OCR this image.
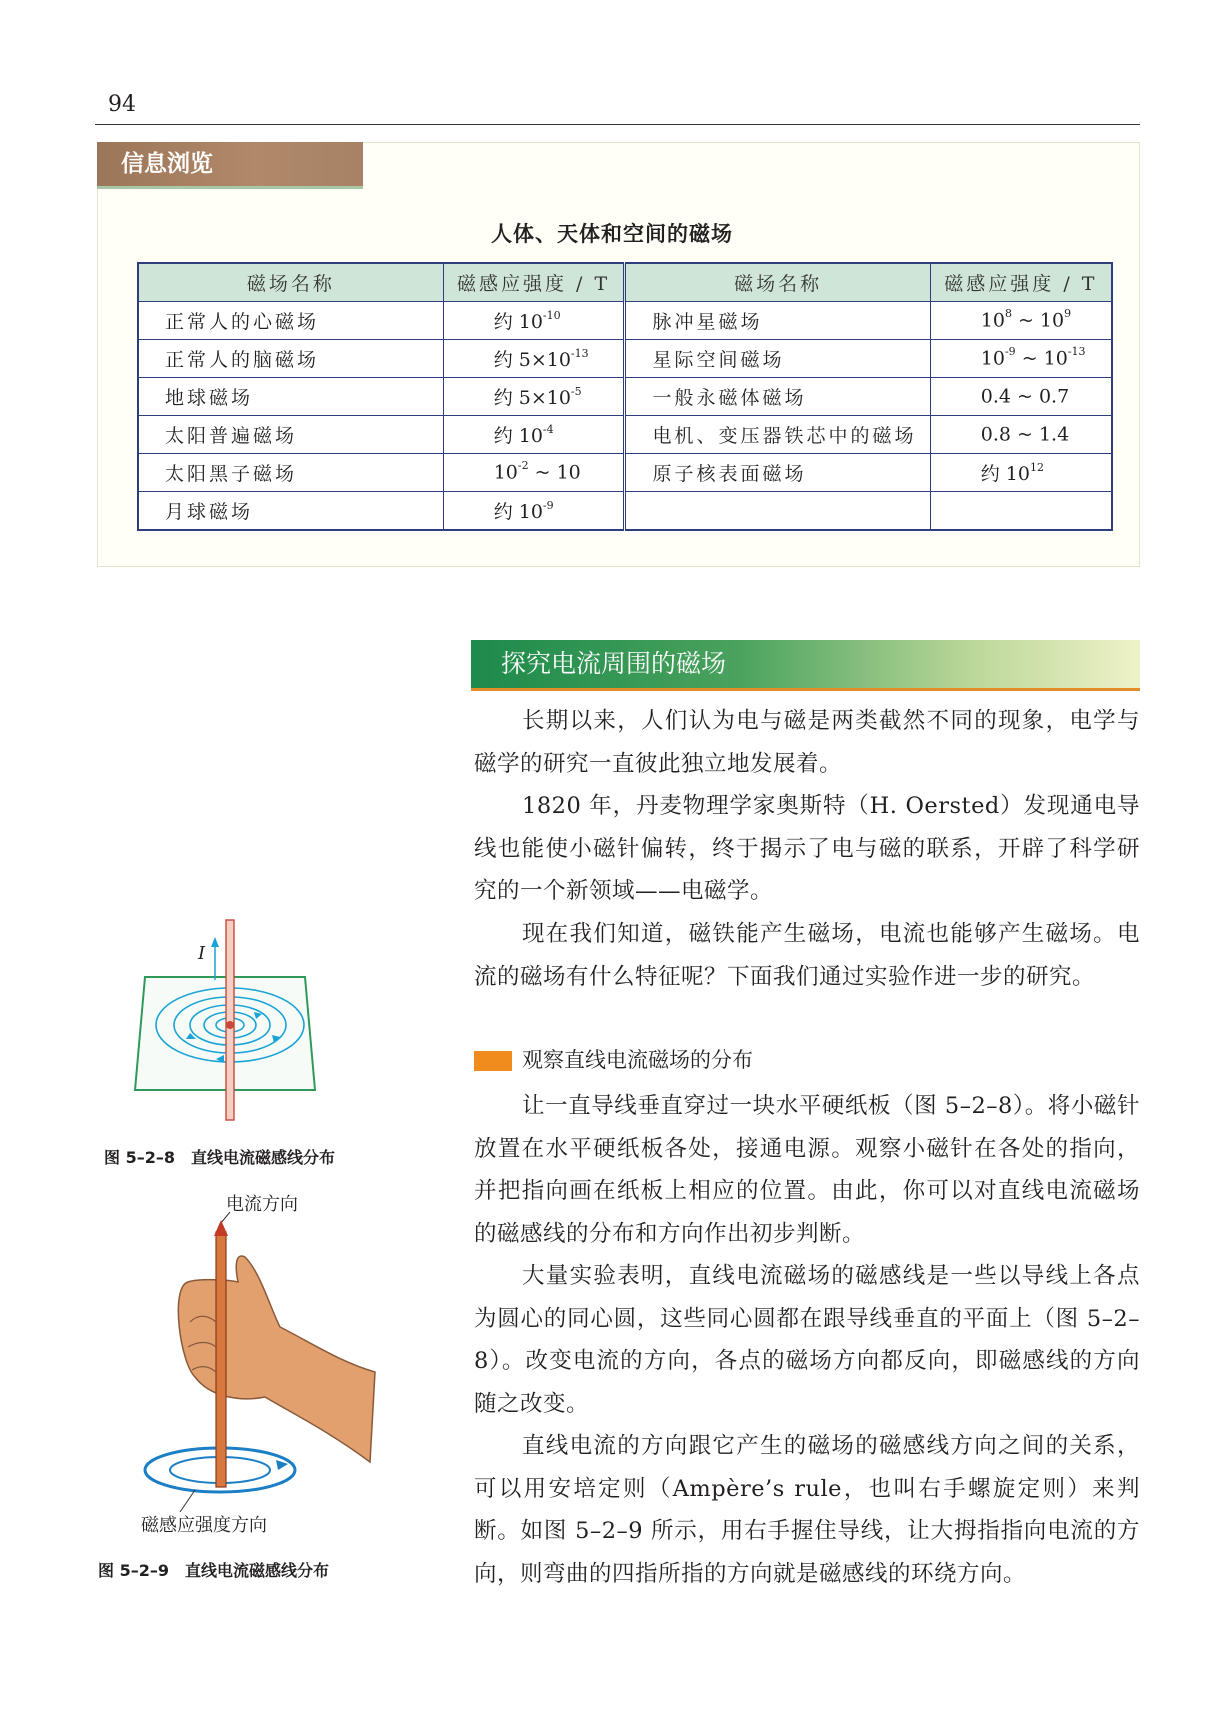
94
信息浏览
人体、天体和空间的磁场
磁场名称	磁感应强度 / T	磁场名称	磁感应强度 / T
正常人的心磁场	约 $10^{-10}$	脉冲星磁场	$10^8$ ~ $10^9$
正常人的脑磁场	约 $5\times 10^{-13}$	星际空间磁场	$10^{-9}$ ~ $10^{-13}$
地球磁场	约 $5\times 10^{-5}$	一般永磁体磁场	0.4 ~ 0.7
太阳普遍磁场	约 $10^{-4}$	电机、变压器铁芯中的磁场	0.8 ~ 1.4
太阳黑子磁场	$10^{-2}$ ~ 10	原子核表面磁场	约 $10^{12}$
月球磁场	约 $10^{-9}$		
探究电流周围的磁场

长期以来，人们认为电与磁是两类截然不同的现象，电学与磁学的研究一直彼此独立地发展着。

1820 年，丹麦物理学家奥斯特（H. Oersted）发现通电导线也能使小磁针偏转，终于揭示了电与磁的联系，开辟了科学研究的一个新领域——电磁学。

现在我们知道，磁铁能产生磁场，电流也能够产生磁场。电流的磁场有什么特征呢？下面我们通过实验作进一步的研究。

观察直线电流磁场的分布

让一直导线垂直穿过一块水平硬纸板（图 5–2–8）。将小磁针放置在水平硬纸板各处，接通电源。观察小磁针在各处的指向，并把指向画在纸板上相应的位置。由此，你可以对直线电流磁场的磁感线的分布和方向作出初步判断。

大量实验表明，直线电流磁场的磁感线是一些以导线上各点为圆心的同心圆，这些同心圆都在跟导线垂直的平面上（图 5–2–8）。改变电流的方向，各点的磁场方向都反向，即磁感线的方向随之改变。

直线电流的方向跟它产生的磁场的磁感线方向之间的关系，可以用安培定则（Ampère’s rule，也叫右手螺旋定则）来判断。如图 5–2–9 所示，用右手握住导线，让大拇指指向电流的方向，则弯曲的四指所指的方向就是磁感线的环绕方向。

I
图 5–2–8　直线电流磁感线分布
电流方向
磁感应强度方向
图 5–2–9　直线电流磁感线分布
